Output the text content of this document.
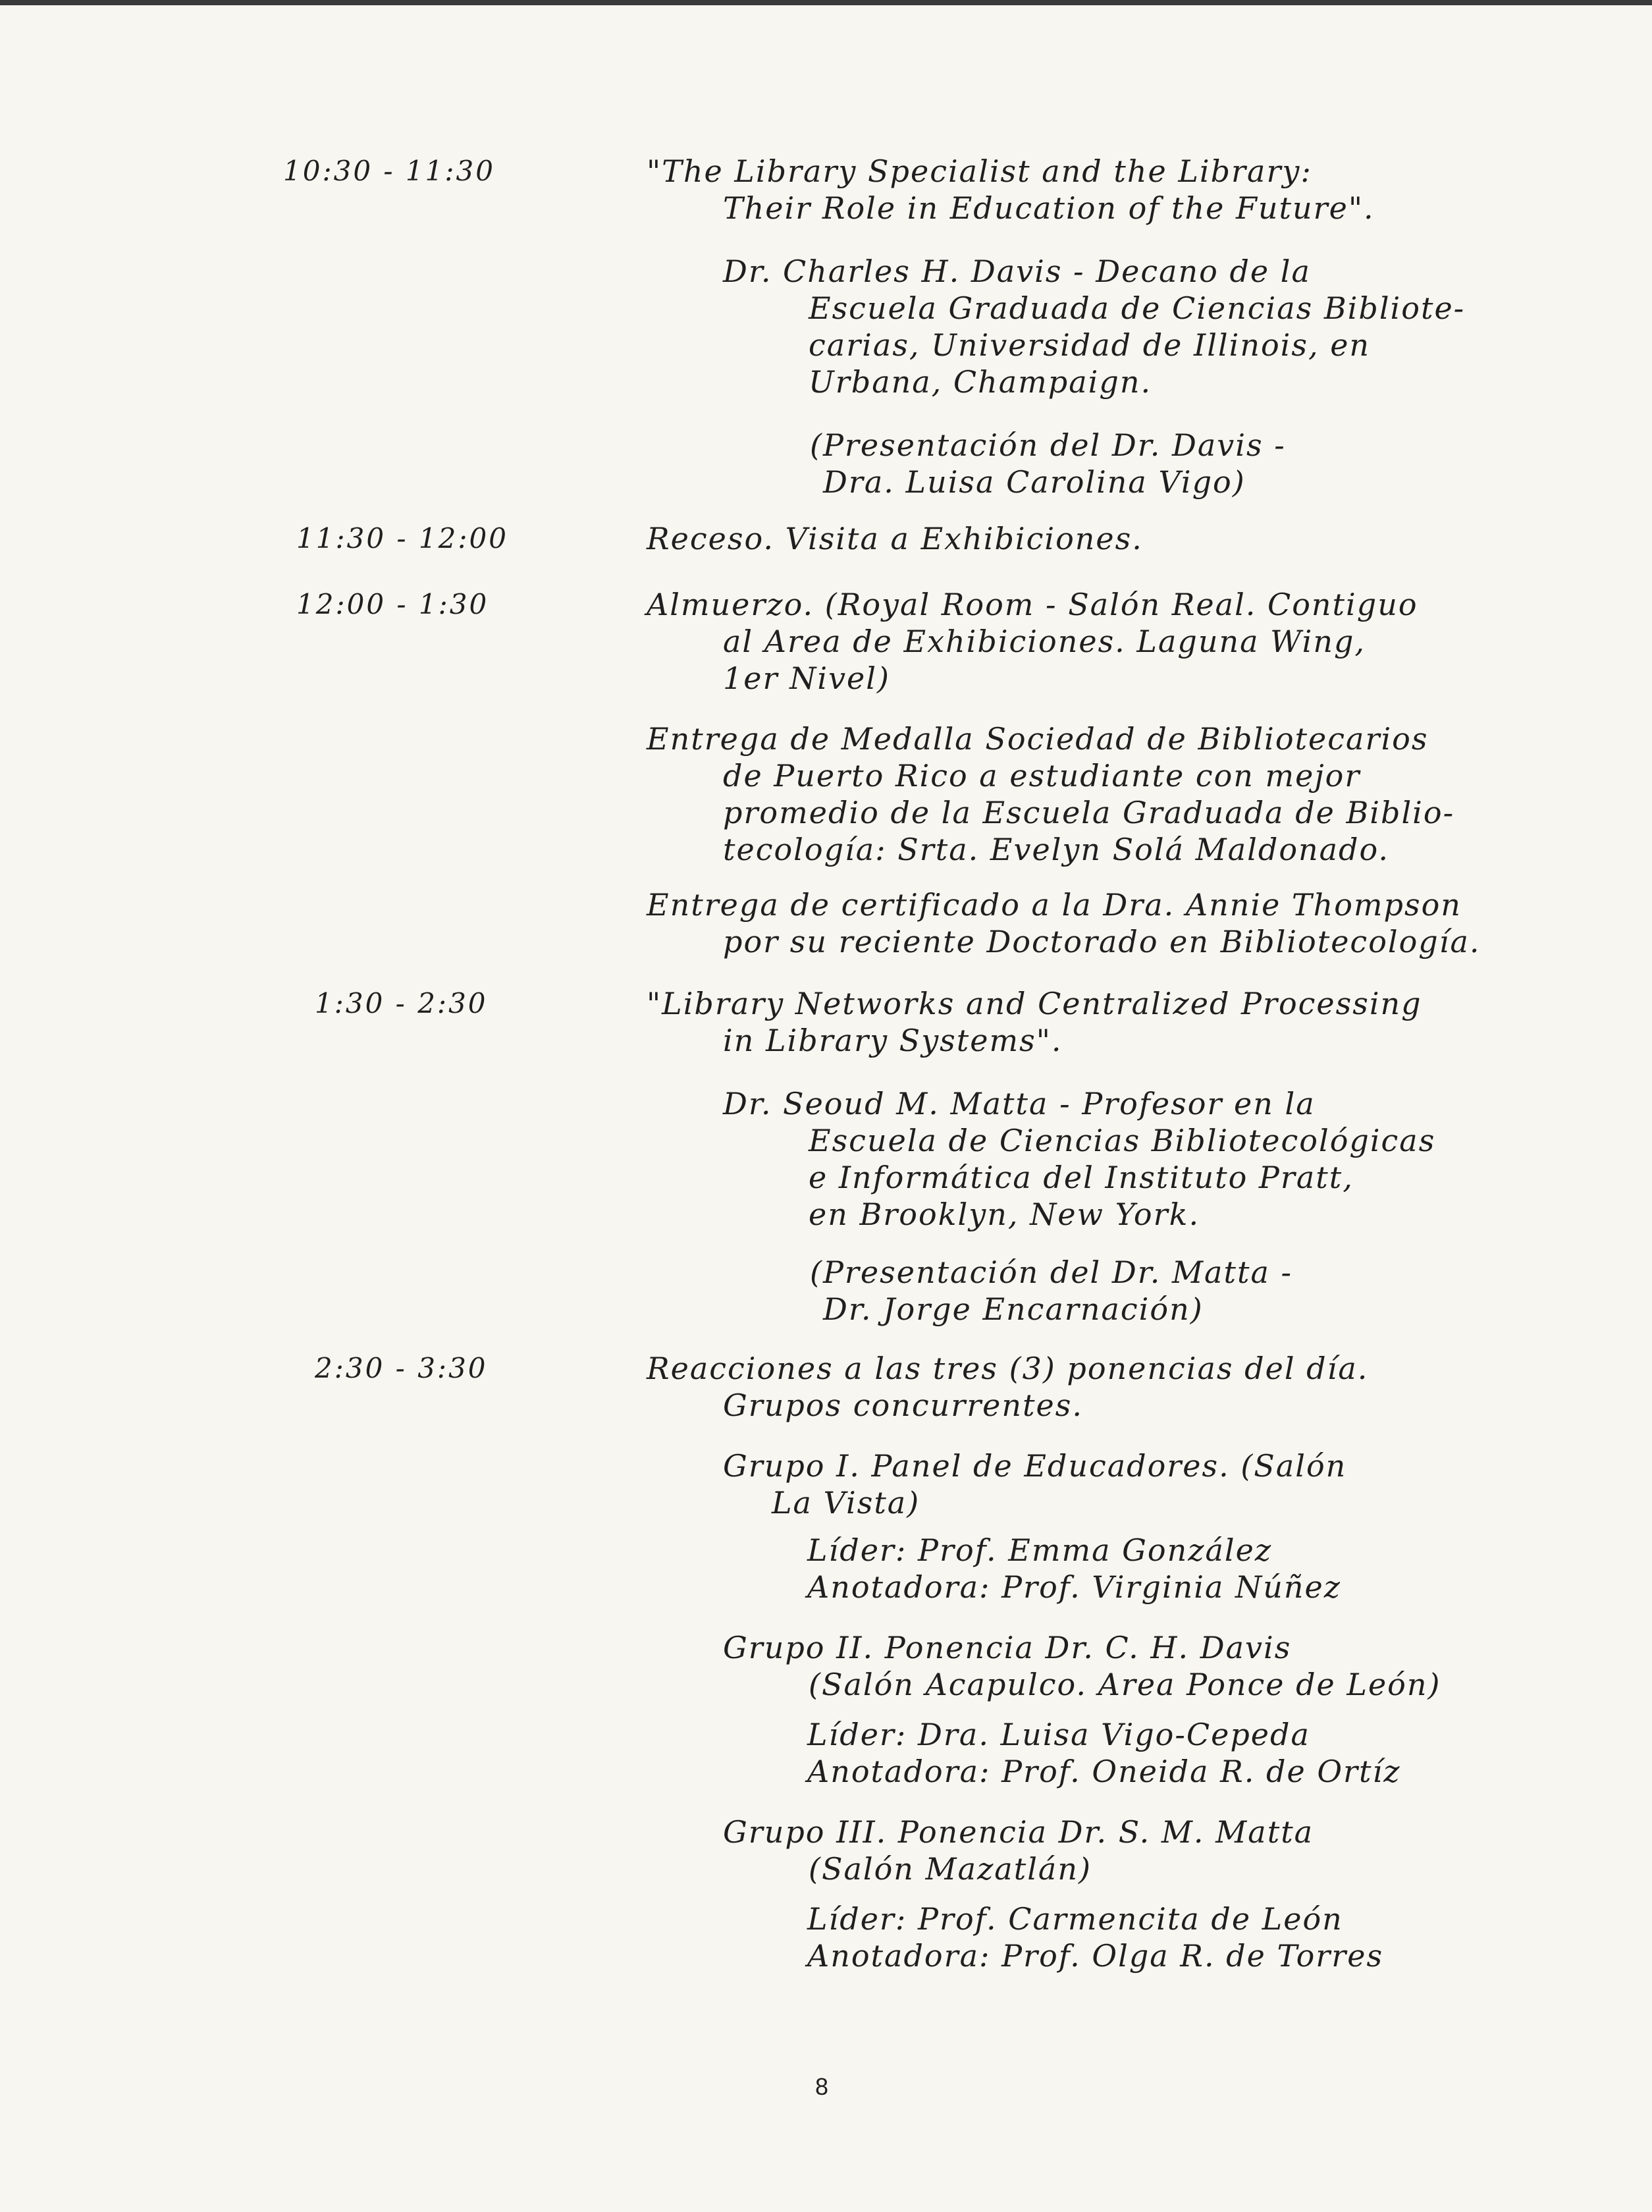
10:30 - 11:30	"The Library Specialist and the Library:
Their Role in Education of the Future".
Dr. Charles H. Davis - Decano de la
Escuela Graduada de Ciencias Bibliote-
carias, Universidad de Illinois, en
Urbana, Champaign.
(Presentación del Dr. Davis -
Dra. Luisa Carolina Vigo)
11:30 - 12:00	Receso. Visita a Exhibiciones.
12:00 - 1:30	Almuerzo. (Royal Room - Salón Real. Contiguo
al Area de Exhibiciones. Laguna Wing,
1er Nivel)
Entrega de Medalla Sociedad de Bibliotecarios
de Puerto Rico a estudiante con mejor
promedio de la Escuela Graduada de Biblio-
tecología: Srta. Evelyn Solá Maldonado.
Entrega de certificado a la Dra. Annie Thompson
por su reciente Doctorado en Bibliotecología.
1:30 - 2:30	"Library Networks and Centralized Processing
in Library Systems".
Dr. Seoud M. Matta - Profesor en la
Escuela de Ciencias Bibliotecológicas
e Informática del Instituto Pratt,
en Brooklyn, New York.
(Presentación del Dr. Matta -
Dr. Jorge Encarnación)
2:30 - 3:30	Reacciones a las tres (3) ponencias del día.
Grupos concurrentes.
Grupo I. Panel de Educadores. (Salón
La Vista)
Líder: Prof. Emma González
Anotadora: Prof. Virginia Núñez
Grupo II. Ponencia Dr. C. H. Davis
(Salón Acapulco. Area Ponce de León)
Líder: Dra. Luisa Vigo-Cepeda
Anotadora: Prof. Oneida R. de Ortíz
Grupo III. Ponencia Dr. S. M. Matta
(Salón Mazatlán)
Líder: Prof. Carmencita de León
Anotadora: Prof. Olga R. de Torres
8
